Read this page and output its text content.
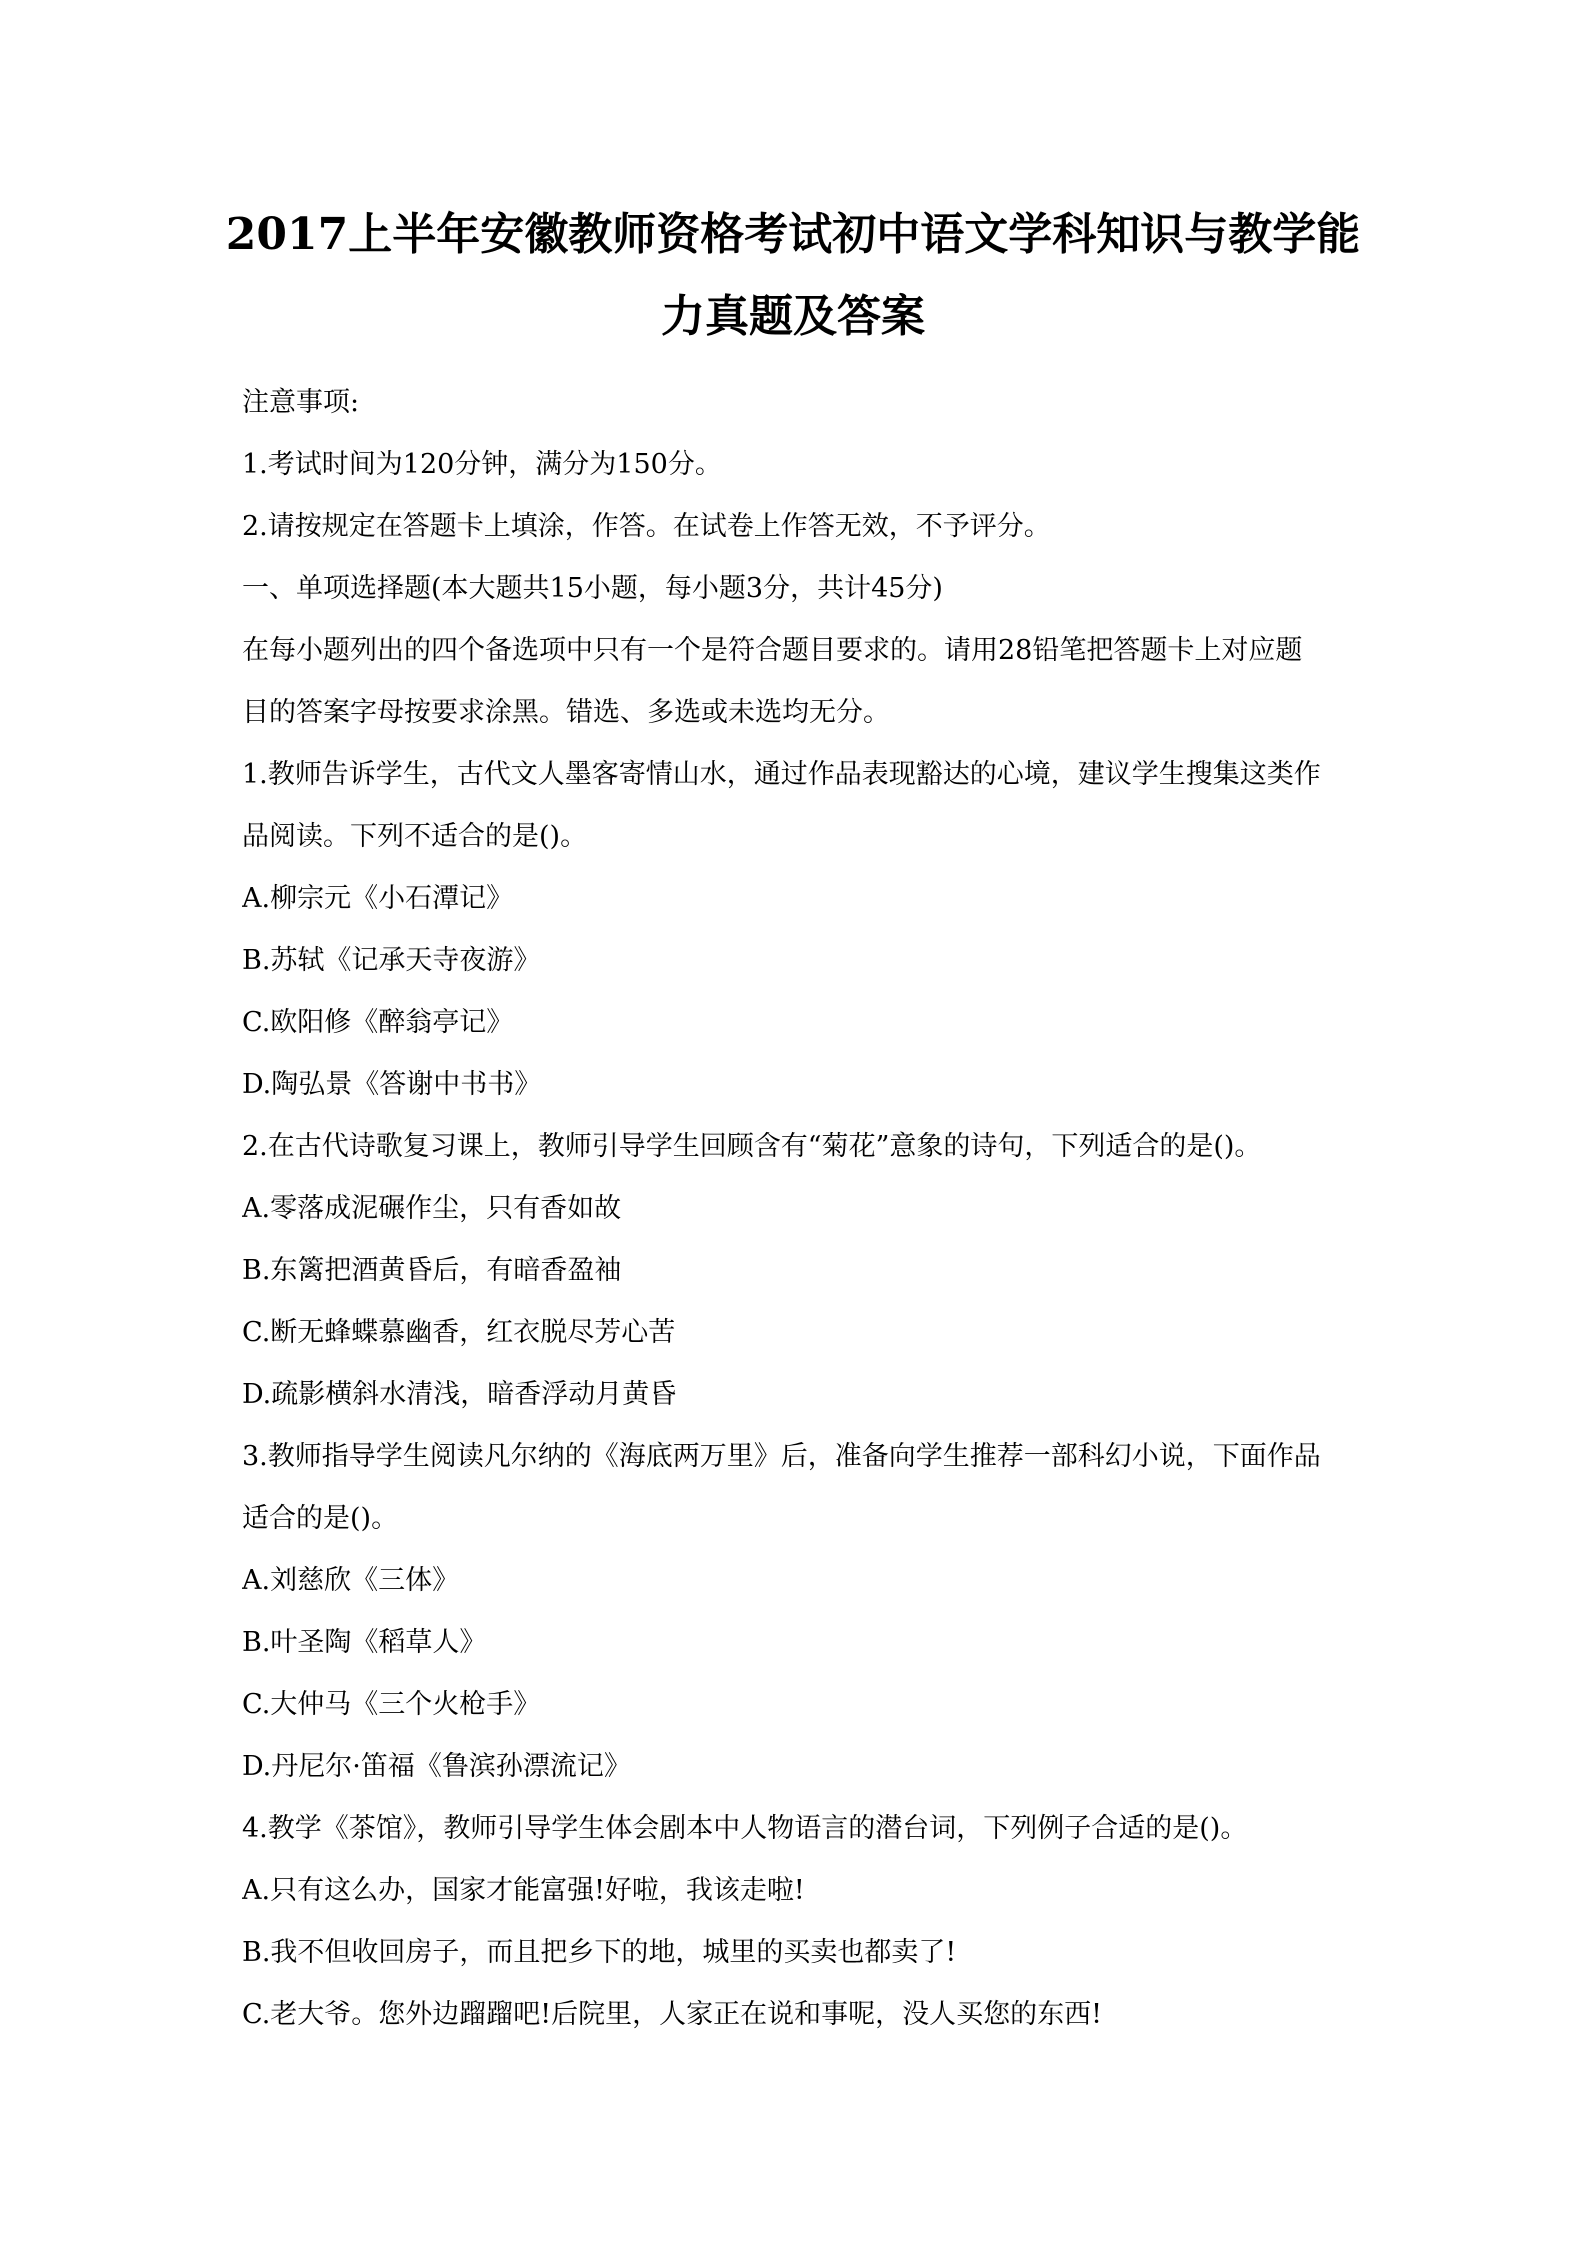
2017上半年安徽教师资格考试初中语文学科知识与教学能
力真题及答案
注意事项:
1.考试时间为120分钟，满分为150分。
2.请按规定在答题卡上填涂，作答。在试卷上作答无效，不予评分。
一、单项选择题(本大题共15小题，每小题3分，共计45分)
在每小题列出的四个备选项中只有一个是符合题目要求的。请用28铅笔把答题卡上对应题
目的答案字母按要求涂黑。错选、多选或未选均无分。
1.教师告诉学生，古代文人墨客寄情山水，通过作品表现豁达的心境，建议学生搜集这类作
品阅读。下列不适合的是()。
A.柳宗元《小石潭记》
B.苏轼《记承天寺夜游》
C.欧阳修《醉翁亭记》
D.陶弘景《答谢中书书》
2.在古代诗歌复习课上，教师引导学生回顾含有“菊花”意象的诗句，下列适合的是()。
A.零落成泥碾作尘，只有香如故
B.东篱把酒黄昏后，有暗香盈袖
C.断无蜂蝶慕幽香，红衣脱尽芳心苦
D.疏影横斜水清浅，暗香浮动月黄昏
3.教师指导学生阅读凡尔纳的《海底两万里》后，准备向学生推荐一部科幻小说，下面作品
适合的是()。
A.刘慈欣《三体》
B.叶圣陶《稻草人》
C.大仲马《三个火枪手》
D.丹尼尔·笛福《鲁滨孙漂流记》
4.教学《茶馆》，教师引导学生体会剧本中人物语言的潜台词，下列例子合适的是()。
A.只有这么办，国家才能富强!好啦，我该走啦!
B.我不但收回房子，而且把乡下的地，城里的买卖也都卖了!
C.老大爷。您外边蹓蹓吧!后院里，人家正在说和事呢，没人买您的东西!
